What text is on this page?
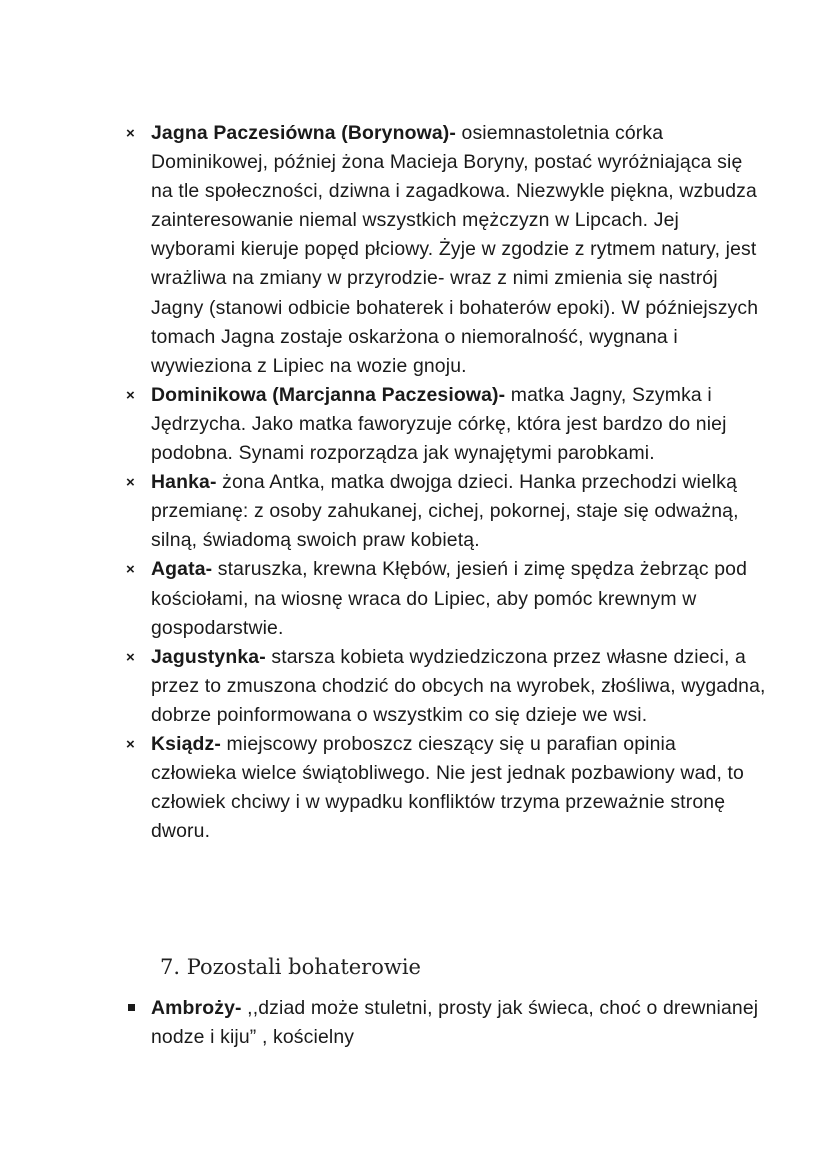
× Jagna Paczesiówna (Borynowa)- osiemnastoletnia córka Dominikowej, później żona Macieja Boryny, postać wyróżniająca się na tle społeczności, dziwna i zagadkowa. Niezwykle piękna, wzbudza zainteresowanie niemal wszystkich mężczyzn w Lipcach. Jej wyborami kieruje popęd płciowy. Żyje w zgodzie z rytmem natury, jest wrażliwa na zmiany w przyrodzie- wraz z nimi zmienia się nastrój Jagny (stanowi odbicie bohaterek i bohaterów epoki). W późniejszych tomach Jagna zostaje oskarżona o niemoralność, wygnana i wywieziona z Lipiec na wozie gnoju.
× Dominikowa (Marcjanna Paczesiowa)- matka Jagny, Szymka i Jędrzycha. Jako matka faworyzuje córkę, która jest bardzo do niej podobna. Synami rozporządza jak wynajętymi parobkami.
× Hanka- żona Antka, matka dwojga dzieci. Hanka przechodzi wielką przemianę: z osoby zahukanej, cichej, pokornej, staje się odważną, silną, świadomą swoich praw kobietą.
× Agata- staruszka, krewna Kłębów, jesień i zimę spędza żebrząc pod kościołami, na wiosnę wraca do Lipiec, aby pomóc krewnym w gospodarstwie.
× Jagustynka- starsza kobieta wydziedziczona przez własne dzieci, a przez to zmuszona chodzić do obcych na wyrobek, złośliwa, wygadna, dobrze poinformowana o wszystkim co się dzieje we wsi.
× Ksiądz- miejscowy proboszcz cieszący się u parafian opinia człowieka wielce świątobliwego. Nie jest jednak pozbawiony wad, to człowiek chciwy i w wypadku konfliktów trzyma przeważnie stronę dworu.
7. Pozostali bohaterowie
Ambroży- ,,dziad może stuletni, prosty jak świeca, choć o drewnianej nodze i kiju” , kościelny
